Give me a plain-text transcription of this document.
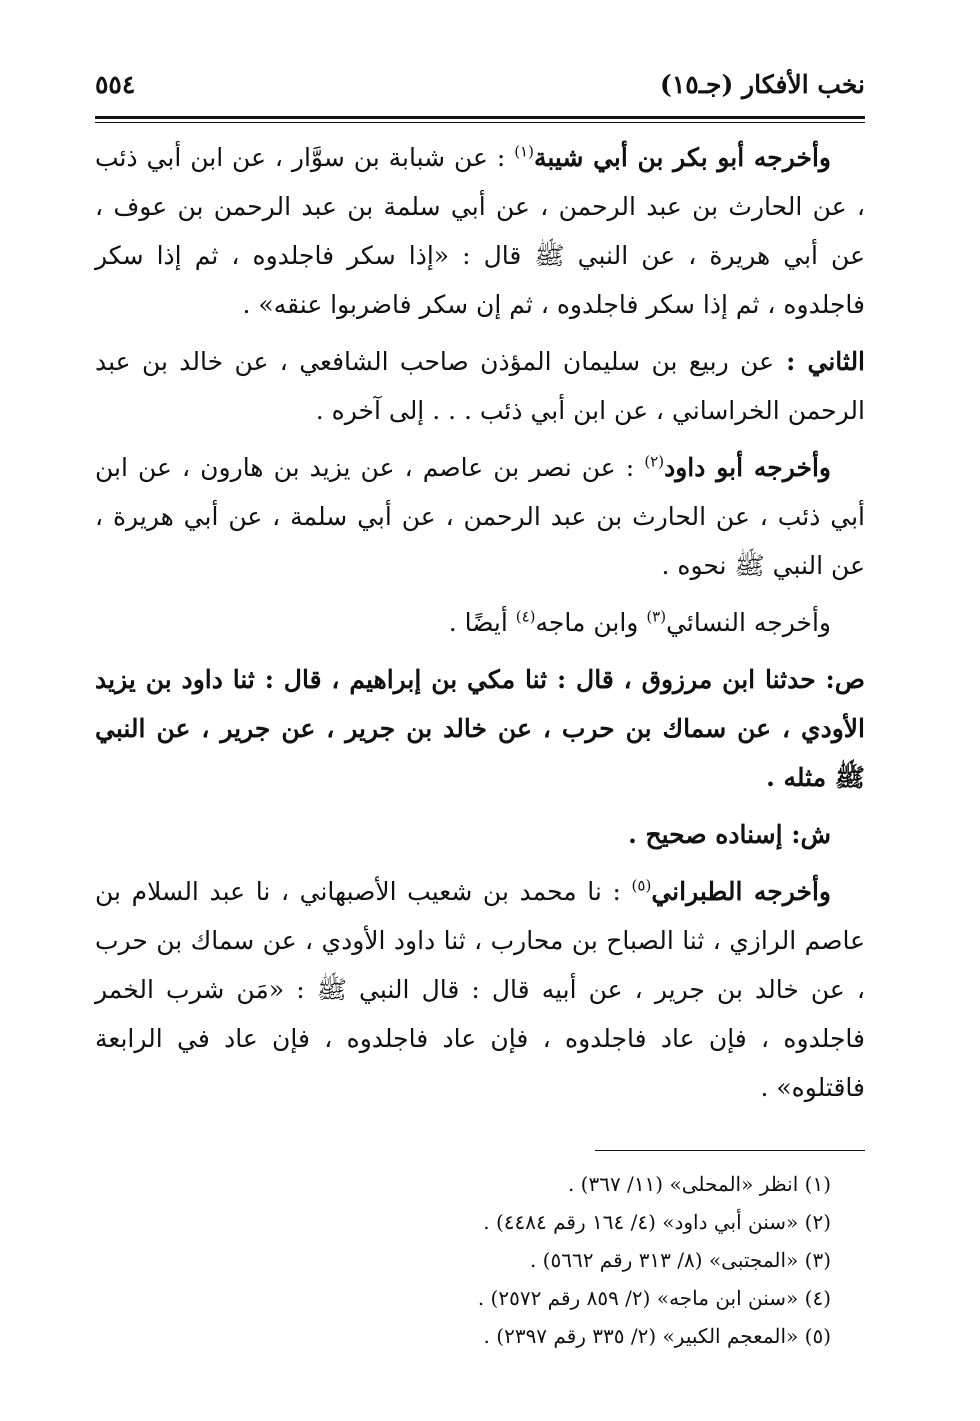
نخب الأفكار (جـ١٥)
٥٥٤
وأخرجه أبو بكر بن أبي شيبة$^{(١)}$ : عن شبابة بن سوَّار ، عن ابن أبي ذئب ، عن الحارث بن عبد الرحمن ، عن أبي سلمة بن عبد الرحمن بن عوف ، عن أبي هريرة ، عن النبي ﷺ قال : «إذا سكر فاجلدوه ، ثم إذا سكر فاجلدوه ، ثم إذا سكر فاجلدوه ، ثم إن سكر فاضربوا عنقه» .
الثاني : عن ربيع بن سليمان المؤذن صاحب الشافعي ، عن خالد بن عبد الرحمن الخراساني ، عن ابن أبي ذئب . . . إلى آخره .
وأخرجه أبو داود$^{(٢)}$ : عن نصر بن عاصم ، عن يزيد بن هارون ، عن ابن أبي ذئب ، عن الحارث بن عبد الرحمن ، عن أبي سلمة ، عن أبي هريرة ، عن النبي ﷺ نحوه .
وأخرجه النسائي$^{(٣)}$ وابن ماجه$^{(٤)}$ أيضًا .
ص: حدثنا ابن مرزوق ، قال : ثنا مكي بن إبراهيم ، قال : ثنا داود بن يزيد الأودي ، عن سماك بن حرب ، عن خالد بن جرير ، عن جرير ، عن النبي ﷺ مثله .
ش: إسناده صحيح .
وأخرجه الطبراني$^{(٥)}$ : نا محمد بن شعيب الأصبهاني ، نا عبد السلام بن عاصم الرازي ، ثنا الصباح بن محارب ، ثنا داود الأودي ، عن سماك بن حرب ، عن خالد بن جرير ، عن أبيه قال : قال النبي ﷺ : «مَن شرب الخمر فاجلدوه ، فإن عاد فاجلدوه ، فإن عاد فاجلدوه ، فإن عاد في الرابعة فاقتلوه» .
(١) انظر «المحلى» (١١/ ٣٦٧) .
(٢) «سنن أبي داود» (٤/ ١٦٤ رقم ٤٤٨٤) .
(٣) «المجتبى» (٨/ ٣١٣ رقم ٥٦٦٢) .
(٤) «سنن ابن ماجه» (٢/ ٨٥٩ رقم ٢٥٧٢) .
(٥) «المعجم الكبير» (٢/ ٣٣٥ رقم ٢٣٩٧) .
